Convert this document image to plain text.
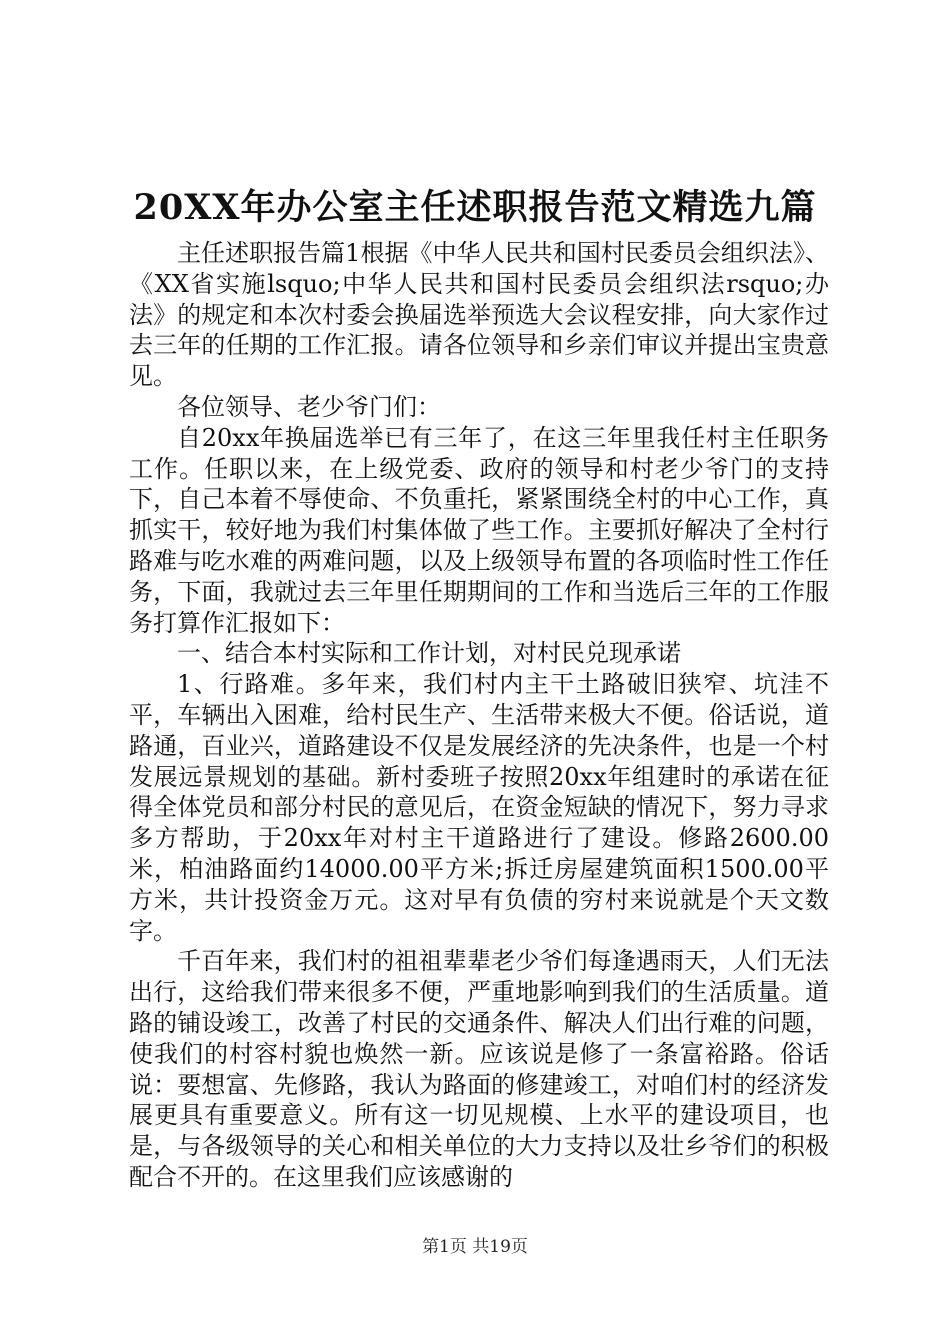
20XX年办公室主任述职报告范文精选九篇

主任述职报告篇1根据《中华人民共和国村民委员会组织法》、《XX省实施lsquo;中华人民共和国村民委员会组织法rsquo;办法》的规定和本次村委会换届选举预选大会议程安排，向大家作过去三年的任期的工作汇报。请各位领导和乡亲们审议并提出宝贵意见。

各位领导、老少爷门们：

自20xx年换届选举已有三年了，在这三年里我任村主任职务工作。任职以来，在上级党委、政府的领导和村老少爷门的支持下，自己本着不辱使命、不负重托，紧紧围绕全村的中心工作，真抓实干，较好地为我们村集体做了些工作。主要抓好解决了全村行路难与吃水难的两难问题，以及上级领导布置的各项临时性工作任务，下面，我就过去三年里任期期间的工作和当选后三年的工作服务打算作汇报如下：

一、结合本村实际和工作计划，对村民兑现承诺

1、行路难。多年来，我们村内主干土路破旧狭窄、坑洼不平，车辆出入困难，给村民生产、生活带来极大不便。俗话说，道路通，百业兴，道路建设不仅是发展经济的先决条件，也是一个村发展远景规划的基础。新村委班子按照20xx年组建时的承诺在征得全体党员和部分村民的意见后，在资金短缺的情况下，努力寻求多方帮助，于20xx年对村主干道路进行了建设。修路2600.00米，柏油路面约14000.00平方米;拆迁房屋建筑面积1500.00平方米，共计投资金万元。这对早有负债的穷村来说就是个天文数字。

千百年来，我们村的祖祖辈辈老少爷们每逢遇雨天，人们无法出行，这给我们带来很多不便，严重地影响到我们的生活质量。道路的铺设竣工，改善了村民的交通条件、解决人们出行难的问题，使我们的村容村貌也焕然一新。应该说是修了一条富裕路。俗话说：要想富、先修路，我认为路面的修建竣工，对咱们村的经济发展更具有重要意义。所有这一切见规模、上水平的建设项目，也是，与各级领导的关心和相关单位的大力支持以及壮乡爷们的积极配合不开的。在这里我们应该感谢的

第1页 共19页
